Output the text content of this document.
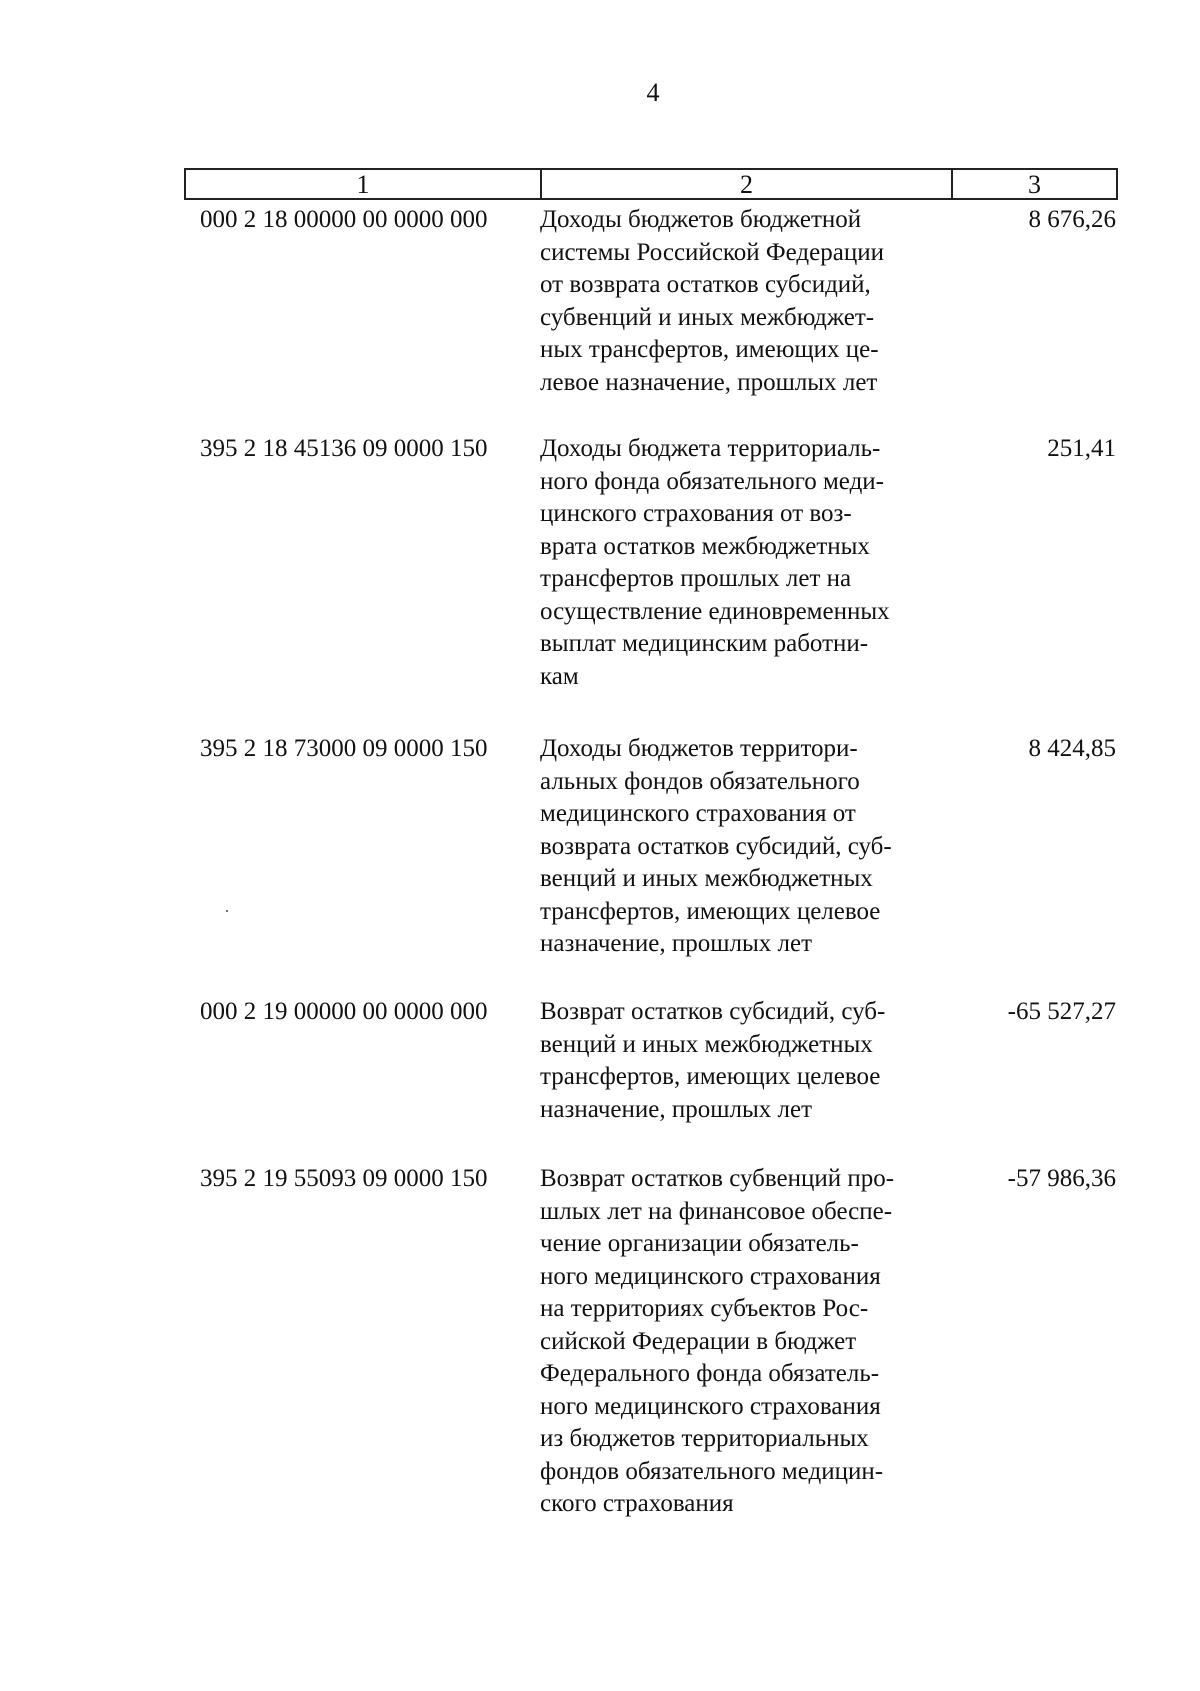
4
1	2	3
000 2 18 00000 00 0000 000 Доходы бюджетов бюджетной
системы Российской Федерации
от возврата остатков субсидий,
субвенций и иных межбюджет-
ных трансфертов, имеющих це-
левое назначение, прошлых лет
8 676,26
395 2 18 45136 09 0000 150 Доходы бюджета территориаль-
ного фонда обязательного меди-
цинского страхования от воз-
врата остатков межбюджетных
трансфертов прошлых лет на
осуществление единовременных
выплат медицинским работни-
кам
251,41
395 2 18 73000 09 0000 150 Доходы бюджетов территори-
альных фондов обязательного
медицинского страхования от
возврата остатков субсидий, суб-
венций и иных межбюджетных
трансфертов, имеющих целевое
назначение, прошлых лет
8 424,85
000 2 19 00000 00 0000 000 Возврат остатков субсидий, суб-
венций и иных межбюджетных
трансфертов, имеющих целевое
назначение, прошлых лет
-65 527,27
395 2 19 55093 09 0000 150 Возврат остатков субвенций про-
шлых лет на финансовое обеспе-
чение организации обязатель-
ного медицинского страхования
на территориях субъектов Рос-
сийской Федерации в бюджет
Федерального фонда обязатель-
ного медицинского страхования
из бюджетов территориальных
фондов обязательного медицин-
ского страхования
-57 986,36
